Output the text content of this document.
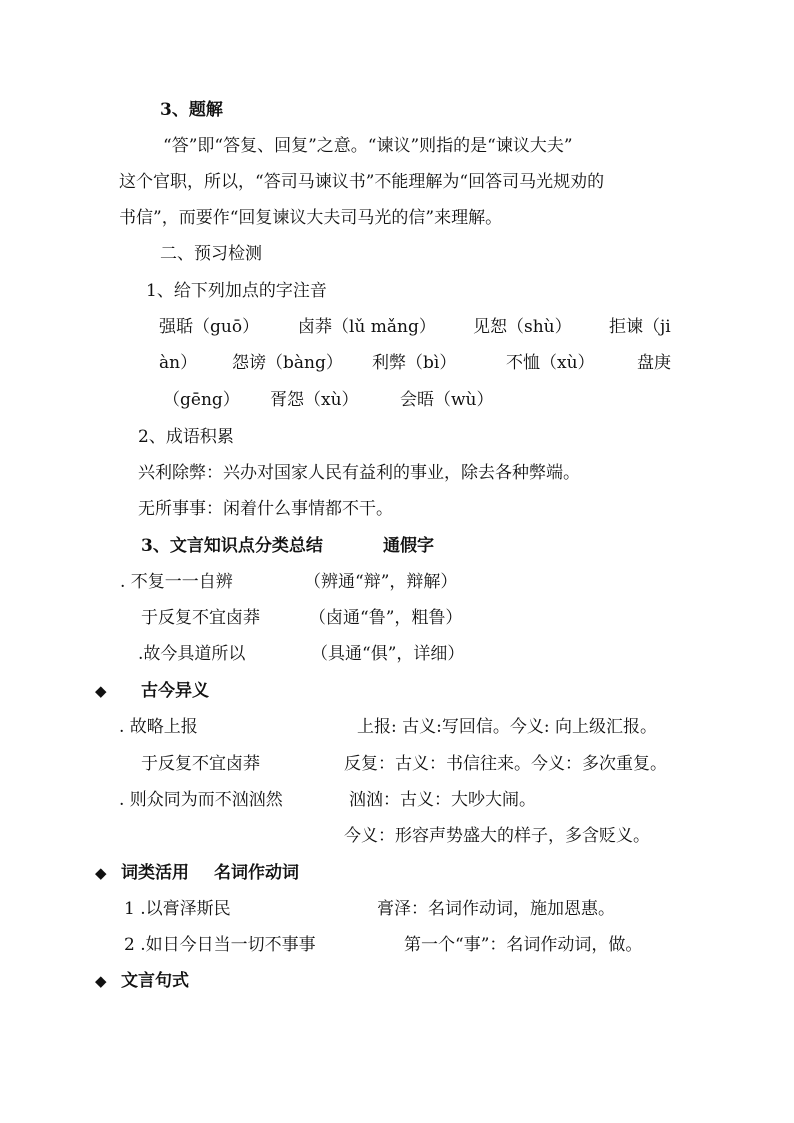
3、题解
“答”即“答复、回复”之意。“谏议”则指的是“谏议大夫”
这个官职，所以，“答司马谏议书”不能理解为“回答司马光规劝的
书信”，而要作“回复谏议大夫司马光的信”来理解。
二、预习检测
1、给下列加点的字注音
强聒（guō） 卤莽（lǔ mǎng） 见恕（shù） 拒谏（ji
àn） 怨谤（bàng） 利弊（bì）	不恤（xù） 盘庚
（gēng） 胥怨（xù） 会晤（wù）
2、成语积累
兴利除弊：兴办对国家人民有益利的事业，除去各种弊端。
无所事事：闲着什么事情都不干。
3、文言知识点分类总结	通假字
. 不复一一自辨	（辨通“辩”，辩解）
于反复不宜卤莽	（卤通“鲁”，粗鲁）
.故今具道所以	（具通“俱”，详细）
◆ 古今异义
. 故略上报	上报: 古义:写回信。今义: 向上级汇报。
于反复不宜卤莽	反复：古义：书信往来。今义：多次重复。
. 则众同为而不汹汹然	汹汹：古义：大吵大闹。
今义：形容声势盛大的样子，多含贬义。
◆ 词类活用 名词作动词
1 .以膏泽斯民	膏泽：名词作动词，施加恩惠。
2 .如日今日当一切不事事	第一个“事”：名词作动词，做。
◆ 文言句式
